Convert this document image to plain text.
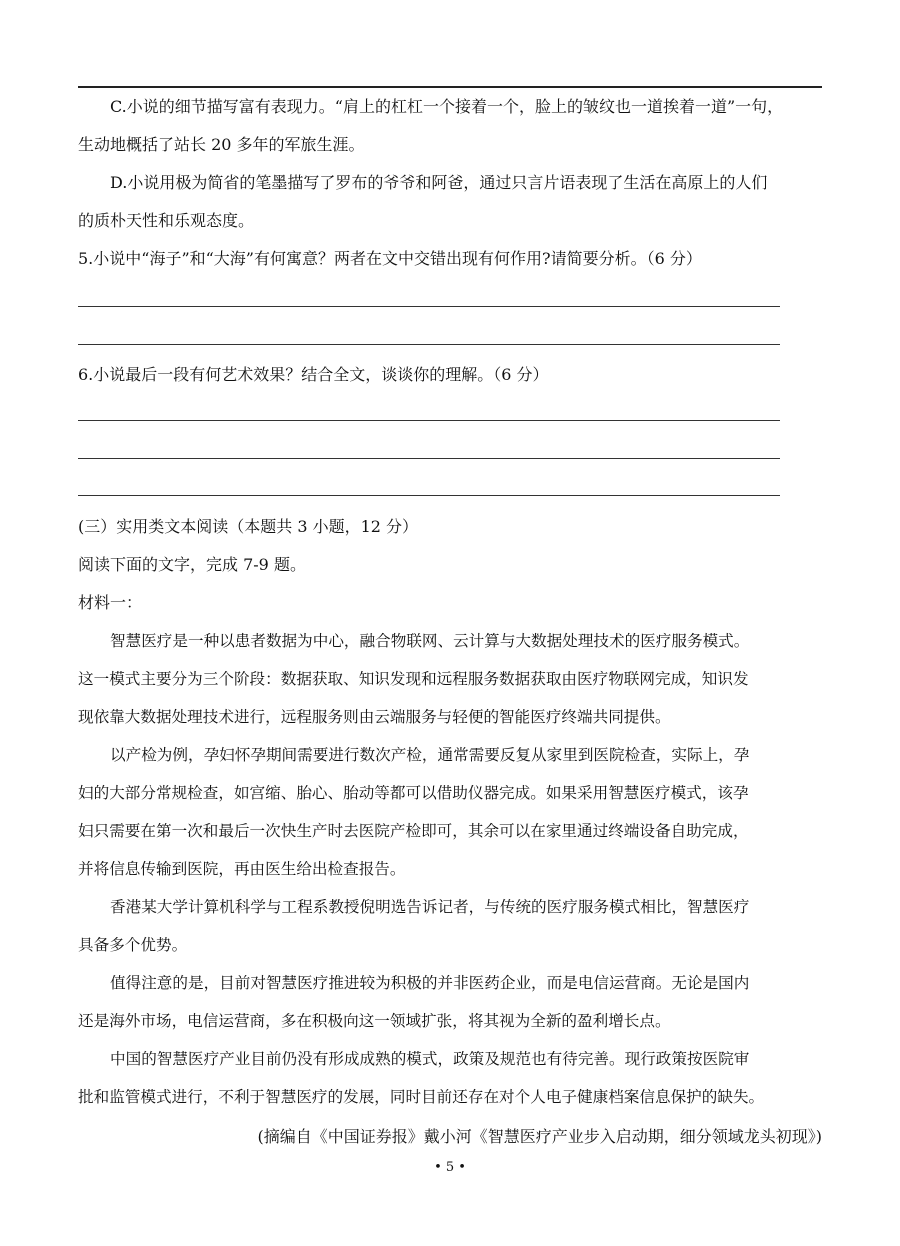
C.小说的细节描写富有表现力。“肩上的杠杠一个接着一个，脸上的皱纹也一道挨着一道”一句，
生动地概括了站长 20 多年的军旅生涯。
D.小说用极为简省的笔墨描写了罗布的爷爷和阿爸，通过只言片语表现了生活在高原上的人们
的质朴天性和乐观态度。
5.小说中“海子”和“大海”有何寓意？两者在文中交错出现有何作用?请简要分析。（6 分）
6.小说最后一段有何艺术效果？结合全文，谈谈你的理解。（6 分）
(三）实用类文本阅读（本题共 3 小题，12 分）
阅读下面的文字，完成 7-9 题。
材料一：
智慧医疗是一种以患者数据为中心，融合物联网、云计算与大数据处理技术的医疗服务模式。
这一模式主要分为三个阶段：数据获取、知识发现和远程服务数据获取由医疗物联网完成，知识发
现依靠大数据处理技术进行，远程服务则由云端服务与轻便的智能医疗终端共同提供。
以产检为例，孕妇怀孕期间需要进行数次产检，通常需要反复从家里到医院检查，实际上，孕
妇的大部分常规检查，如宫缩、胎心、胎动等都可以借助仪器完成。如果采用智慧医疗模式，该孕
妇只需要在第一次和最后一次快生产时去医院产检即可，其余可以在家里通过终端设备自助完成，
并将信息传输到医院，再由医生给出检查报告。
香港某大学计算机科学与工程系教授倪明选告诉记者，与传统的医疗服务模式相比，智慧医疗
具备多个优势。
值得注意的是，目前对智慧医疗推进较为积极的并非医药企业，而是电信运营商。无论是国内
还是海外市场，电信运营商，多在积极向这一领域扩张，将其视为全新的盈利增长点。
中国的智慧医疗产业目前仍没有形成成熟的模式，政策及规范也有待完善。现行政策按医院审
批和监管模式进行，不利于智慧医疗的发展，同时目前还存在对个人电子健康档案信息保护的缺失。
(摘编自《中国证券报》戴小河《智慧医疗产业步入启动期，细分领域龙头初现》)
• 5 •
